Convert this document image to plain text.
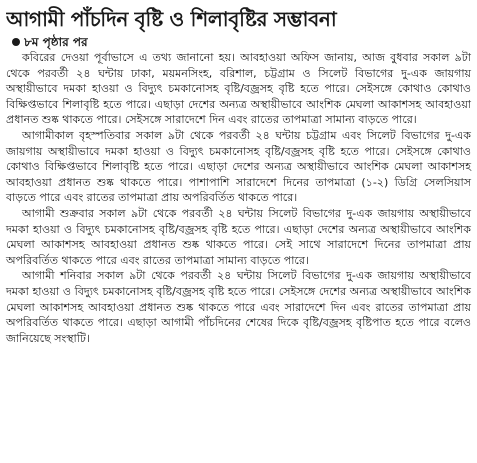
আগামী পাঁচদিন বৃষ্টি ও শিলাবৃষ্টির সম্ভাবনা
৮ম পৃষ্ঠার পর

কবিরের দেওয়া পূর্বাভাসে এ তথ্য জানানো হয়। আবহাওয়া অফিস জানায়, আজ বুধবার সকাল ৯টা থেকে পরবর্তী ২৪ ঘন্টায় ঢাকা, ময়মনসিংহ, বরিশাল, চট্টগ্রাম ও সিলেট বিভাগের দু-এক জায়গায় অস্থায়ীভাবে দমকা হাওয়া ও বিদ্যুৎ চমকানোসহ বৃষ্টি/বজ্রসহ বৃষ্টি হতে পারে। সেইসঙ্গে কোথাও কোথাও বিক্ষিপ্তভাবে শিলাবৃষ্টি হতে পারে। এছাড়া দেশের অন্যত্র অস্থায়ীভাবে আংশিক মেঘলা আকাশসহ আবহাওয়া প্রধানত শুষ্ক থাকতে পারে। সেইসঙ্গে সারাদেশে দিন এবং রাতের তাপমাত্রা সামান্য বাড়তে পারে।

আগামীকাল বৃহস্পতিবার সকাল ৯টা থেকে পরবর্তী ২৪ ঘন্টায় চট্টগ্রাম এবং সিলেট বিভাগের দু-এক জায়গায় অস্থায়ীভাবে দমকা হাওয়া ও বিদ্যুৎ চমকানোসহ বৃষ্টি/বজ্রসহ বৃষ্টি হতে পারে। সেইসঙ্গে কোথাও কোথাও বিক্ষিপ্তভাবে শিলাবৃষ্টি হতে পারে। এছাড়া দেশের অন্যত্র অস্থায়ীভাবে আংশিক মেঘলা আকাশসহ আবহাওয়া প্রধানত শুষ্ক থাকতে পারে। পাশাপাশি সারাদেশে দিনের তাপমাত্রা (১-২) ডিগ্রি সেলসিয়াস বাড়তে পারে এবং রাতের তাপমাত্রা প্রায় অপরিবর্তিত থাকতে পারে।

আগামী শুক্রবার সকাল ৯টা থেকে পরবর্তী ২৪ ঘন্টায় সিলেট বিভাগের দু-এক জায়গায় অস্থায়ীভাবে দমকা হাওয়া ও বিদ্যুৎ চমকানোসহ বৃষ্টি/বজ্রসহ বৃষ্টি হতে পারে। এছাড়া দেশের অন্যত্র অস্থায়ীভাবে আংশিক মেঘলা আকাশসহ আবহাওয়া প্রধানত শুষ্ক থাকতে পারে। সেই সাথে সারাদেশে দিনের তাপমাত্রা প্রায় অপরিবর্তিত থাকতে পারে এবং রাতের তাপমাত্রা সামান্য বাড়তে পারে।

আগামী শনিবার সকাল ৯টা থেকে পরবর্তী ২৪ ঘন্টায় সিলেট বিভাগের দু-এক জায়গায় অস্থায়ীভাবে দমকা হাওয়া ও বিদ্যুৎ চমকানোসহ বৃষ্টি/বজ্রসহ বৃষ্টি হতে পারে। সেইসঙ্গে দেশের অন্যত্র অস্থায়ীভাবে আংশিক মেঘলা আকাশসহ আবহাওয়া প্রধানত শুষ্ক থাকতে পারে এবং সারাদেশে দিন এবং রাতের তাপমাত্রা প্রায় অপরিবর্তিত থাকতে পারে। এছাড়া আগামী পাঁচদিনের শেষের দিকে বৃষ্টি/বজ্রসহ বৃষ্টিপাত হতে পারে বলেও জানিয়েছে সংস্থাটি।
